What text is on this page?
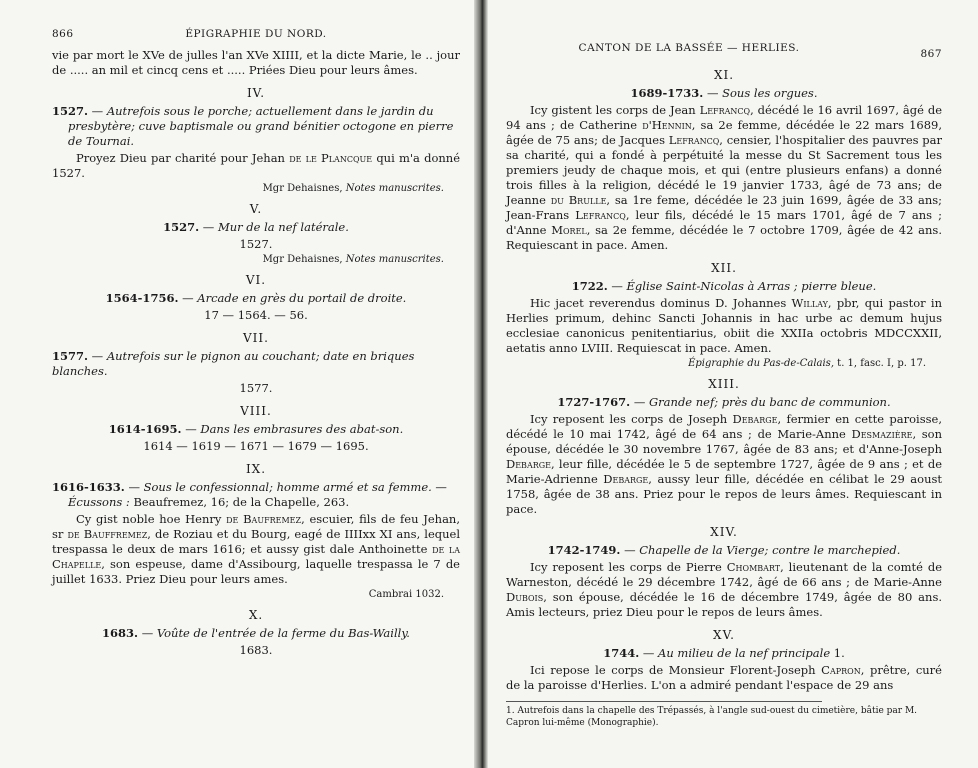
866	ÉPIGRAPHIE DU NORD.

vie par mort le XVe de julles l'an XVe XIIII, et la dicte Marie, le .. jour de ..... an mil et cincq cens et ..... Priées Dieu pour leurs âmes.

IV.

1527. — Autrefois sous le porche; actuellement dans le jardin du presbytère; cuve baptismale ou grand bénitier octogone en pierre de Tournai.

Proyez Dieu par charité pour Jehan de le Plancque qui m'a donné 1527.

Mgr Dehaisnes, Notes manuscrites.

V.

1527. — Mur de la nef latérale.

1527.

Mgr Dehaisnes, Notes manuscrites.

VI.

1564-1756. — Arcade en grès du portail de droite.

17 — 1564. — 56.

VII.

1577. — Autrefois sur le pignon au couchant; date en briques blanches.

1577.

VIII.

1614-1695. — Dans les embrasures des abat-son.

1614 — 1619 — 1671 — 1679 — 1695.

IX.

1616-1633. — Sous le confessionnal; homme armé et sa femme. — Écussons : Beaufremez, 16; de la Chapelle, 263.

Cy gist noble hoe Henry de Baufremez, escuier, fils de feu Jehan, sr de Bauffremez, de Roziau et du Bourg, eagé de IIIIxx XI ans, lequel trespassa le deux de mars 1616; et aussy gist dale Anthoinette de la Chapelle, son espeuse, dame d'Assibourg, laquelle trespassa le 7 de juillet 1633. Priez Dieu pour leurs ames.

Cambrai 1032.

X.

1683. — Voûte de l'entrée de la ferme du Bas-Wailly.

1683.

CANTON DE LA BASSÉE — HERLIES.	867
XI.

1689-1733. — Sous les orgues.

Icy gistent les corps de Jean Lefrancq, décédé le 16 avril 1697, âgé de 94 ans ; de Catherine d'Hennin, sa 2e femme, décédée le 22 mars 1689, âgée de 75 ans; de Jacques Lefrancq, censier, l'hospitalier des pauvres par sa charité, qui a fondé à perpétuité la messe du St Sacrement tous les premiers jeudy de chaque mois, et qui (entre plusieurs enfans) a donné trois filles à la religion, décédé le 19 janvier 1733, âgé de 73 ans; de Jeanne du Brulle, sa 1re feme, décédée le 23 juin 1699, âgée de 33 ans; Jean-Frans Lefrancq, leur fils, décédé le 15 mars 1701, âgé de 7 ans ; d'Anne Morel, sa 2e femme, décédée le 7 octobre 1709, âgée de 42 ans. Requiescant in pace. Amen.

XII.

1722. — Église Saint-Nicolas à Arras ; pierre bleue.

Hic jacet reverendus dominus D. Johannes Willay, pbr, qui pastor in Herlies primum, dehinc Sancti Johannis in hac urbe ac demum hujus ecclesiae canonicus penitentiarius, obiit die XXIIa octobris MDCCXXII, aetatis anno LVIII. Requiescat in pace. Amen.

Épigraphie du Pas-de-Calais, t. 1, fasc. I, p. 17.

XIII.

1727-1767. — Grande nef; près du banc de communion.

Icy reposent les corps de Joseph Debarge, fermier en cette paroisse, décédé le 10 mai 1742, âgé de 64 ans ; de Marie-Anne Desmazière, son épouse, décédée le 30 novembre 1767, âgée de 83 ans; et d'Anne-Joseph Debarge, leur fille, décédée le 5 de septembre 1727, âgée de 9 ans ; et de Marie-Adrienne Debarge, aussy leur fille, décédée en célibat le 29 aoust 1758, âgée de 38 ans. Priez pour le repos de leurs âmes. Requiescant in pace.

XIV.

1742-1749. — Chapelle de la Vierge; contre le marchepied.

Icy reposent les corps de Pierre Chombart, lieutenant de la comté de Warneston, décédé le 29 décembre 1742, âgé de 66 ans ; de Marie-Anne Dubois, son épouse, décédée le 16 de décembre 1749, âgée de 80 ans. Amis lecteurs, priez Dieu pour le repos de leurs âmes.

XV.

1744. — Au milieu de la nef principale 1.

Ici repose le corps de Monsieur Florent-Joseph Capron, prêtre, curé de la paroisse d'Herlies. L'on a admiré pendant l'espace de 29 ans

1. Autrefois dans la chapelle des Trépassés, à l'angle sud-ouest du cimetière, bâtie par M. Capron lui-même (Monographie).
